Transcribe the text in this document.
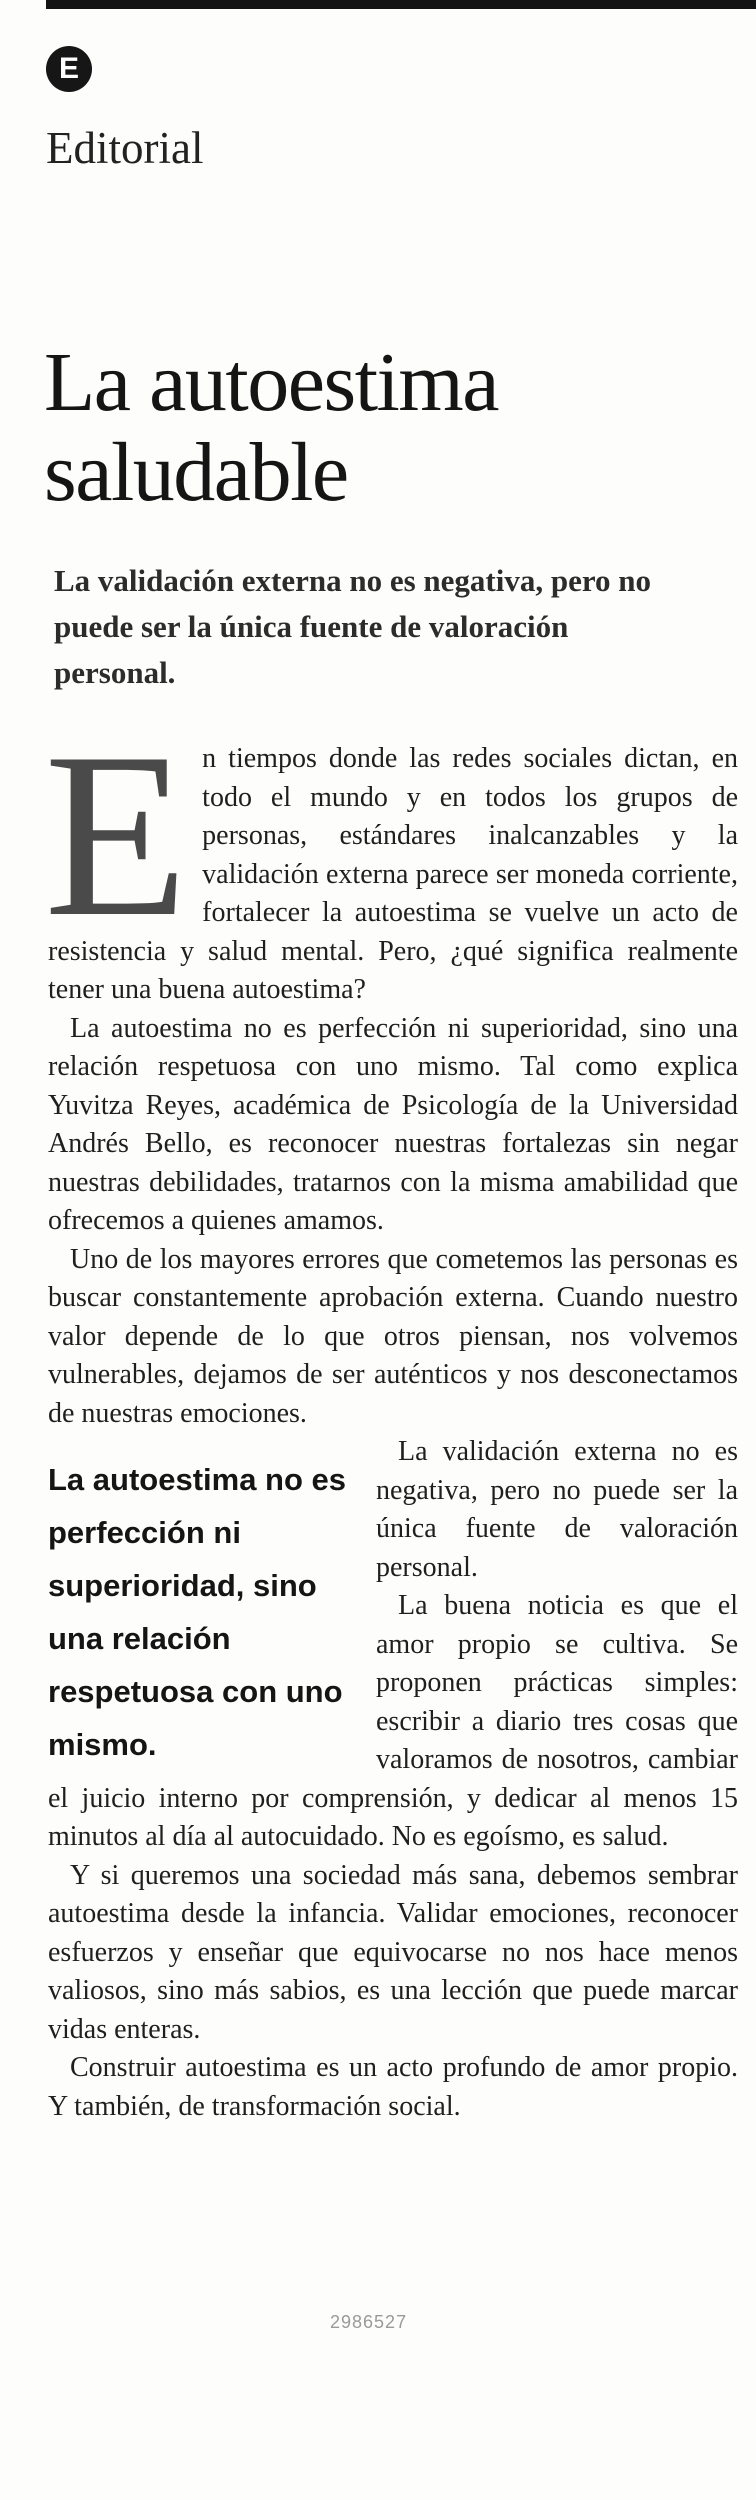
E
Editorial
La autoestima saludable
La validación externa no es negativa, pero no puede ser la única fuente de valoración personal.

En tiempos donde las redes sociales dictan, en todo el mundo y en todos los grupos de personas, estándares inalcanzables y la validación externa parece ser moneda corriente, fortalecer la autoestima se vuelve un acto de resistencia y salud mental. Pero, ¿qué significa realmente tener una buena autoestima?

La autoestima no es perfección ni superioridad, sino una relación respetuosa con uno mismo. Tal como explica Yuvitza Reyes, académica de Psicología de la Universidad Andrés Bello, es reconocer nuestras fortalezas sin negar nuestras debilidades, tratarnos con la misma amabilidad que ofrecemos a quienes amamos.

Uno de los mayores errores que cometemos las personas es buscar constantemente aprobación externa. Cuando nuestro valor depende de lo que otros piensan, nos volvemos vulnerables, dejamos de ser auténticos y nos desconectamos de nuestras emociones.

La autoestima no es perfección ni superioridad, sino una relación respetuosa con uno mismo.

La validación externa no es negativa, pero no puede ser la única fuente de valoración personal.

La buena noticia es que el amor propio se cultiva. Se proponen prácticas simples: escribir a diario tres cosas que valoramos de nosotros, cambiar el juicio interno por comprensión, y dedicar al menos 15 minutos al día al autocuidado. No es egoísmo, es salud.

Y si queremos una sociedad más sana, debemos sembrar autoestima desde la infancia. Validar emociones, reconocer esfuerzos y enseñar que equivocarse no nos hace menos valiosos, sino más sabios, es una lección que puede marcar vidas enteras.

Construir autoestima es un acto profundo de amor propio. Y también, de transformación social.

2986527
